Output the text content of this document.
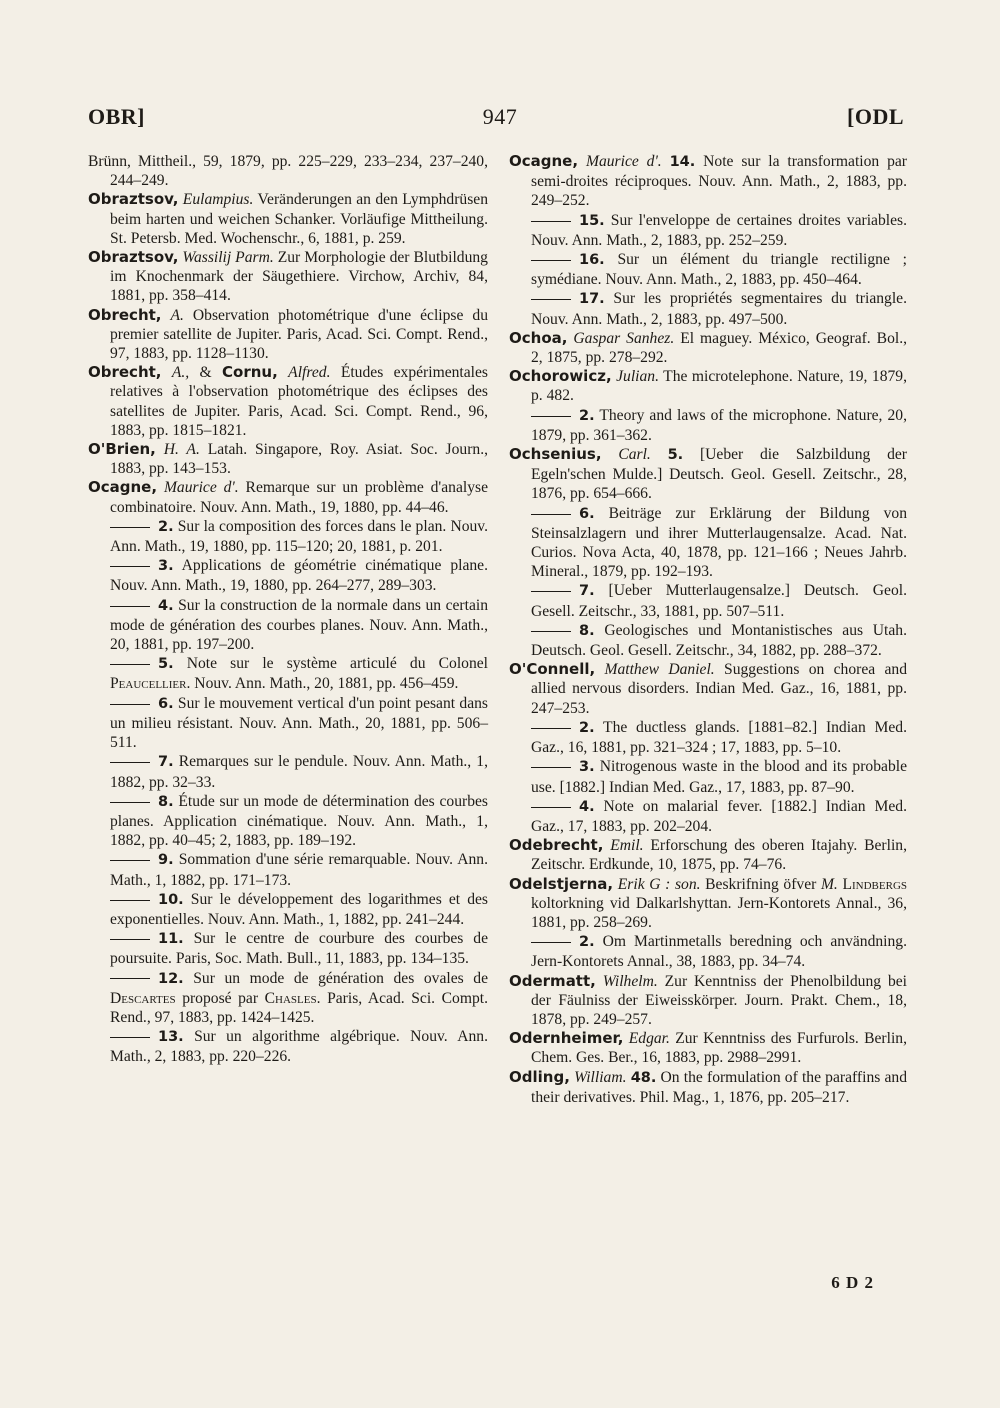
OBR]	947	[ODL
Brünn, Mittheil., 59, 1879, pp. 225–229, 233–234, 237–240, 244–249.
Obraztsov, Eulampius. Veränderungen an den Lymphdrüsen beim harten und weichen Schanker. Vorläufige Mittheilung. St. Petersb. Med. Wochenschr., 6, 1881, p. 259.
Obraztsov, Wassilij Parm. Zur Morphologie der Blutbildung im Knochenmark der Säugethiere. Virchow, Archiv, 84, 1881, pp. 358–414.
Obrecht, A. Observation photométrique d'une éclipse du premier satellite de Jupiter. Paris, Acad. Sci. Compt. Rend., 97, 1883, pp. 1128–1130.
Obrecht, A., & Cornu, Alfred. Études expérimentales relatives à l'observation photométrique des éclipses des satellites de Jupiter. Paris, Acad. Sci. Compt. Rend., 96, 1883, pp. 1815–1821.
O'Brien, H. A. Latah. Singapore, Roy. Asiat. Soc. Journ., 1883, pp. 143–153.
Ocagne, Maurice d'. Remarque sur un problème d'analyse combinatoire. Nouv. Ann. Math., 19, 1880, pp. 44–46.
2. Sur la composition des forces dans le plan. Nouv. Ann. Math., 19, 1880, pp. 115–120; 20, 1881, p. 201.
3. Applications de géométrie cinématique plane. Nouv. Ann. Math., 19, 1880, pp. 264–277, 289–303.
4. Sur la construction de la normale dans un certain mode de génération des courbes planes. Nouv. Ann. Math., 20, 1881, pp. 197–200.
5. Note sur le système articulé du Colonel Peaucellier. Nouv. Ann. Math., 20, 1881, pp. 456–459.
6. Sur le mouvement vertical d'un point pesant dans un milieu résistant. Nouv. Ann. Math., 20, 1881, pp. 506–511.
7. Remarques sur le pendule. Nouv. Ann. Math., 1, 1882, pp. 32–33.
8. Étude sur un mode de détermination des courbes planes. Application cinématique. Nouv. Ann. Math., 1, 1882, pp. 40–45; 2, 1883, pp. 189–192.
9. Sommation d'une série remarquable. Nouv. Ann. Math., 1, 1882, pp. 171–173.
10. Sur le développement des logarithmes et des exponentielles. Nouv. Ann. Math., 1, 1882, pp. 241–244.
11. Sur le centre de courbure des courbes de poursuite. Paris, Soc. Math. Bull., 11, 1883, pp. 134–135.
12. Sur un mode de génération des ovales de Descartes proposé par Chasles. Paris, Acad. Sci. Compt. Rend., 97, 1883, pp. 1424–1425.
13. Sur un algorithme algébrique. Nouv. Ann. Math., 2, 1883, pp. 220–226.
Ocagne, Maurice d'. 14. Note sur la transformation par semi-droites réciproques. Nouv. Ann. Math., 2, 1883, pp. 249–252.
15. Sur l'enveloppe de certaines droites variables. Nouv. Ann. Math., 2, 1883, pp. 252–259.
16. Sur un élément du triangle rectiligne ; symédiane. Nouv. Ann. Math., 2, 1883, pp. 450–464.
17. Sur les propriétés segmentaires du triangle. Nouv. Ann. Math., 2, 1883, pp. 497–500.
Ochoa, Gaspar Sanhez. El maguey. México, Geograf. Bol., 2, 1875, pp. 278–292.
Ochorowicz, Julian. The microtelephone. Nature, 19, 1879, p. 482.
2. Theory and laws of the microphone. Nature, 20, 1879, pp. 361–362.
Ochsenius, Carl. 5. [Ueber die Salzbildung der Egeln'schen Mulde.] Deutsch. Geol. Gesell. Zeitschr., 28, 1876, pp. 654–666.
6. Beiträge zur Erklärung der Bildung von Steinsalzlagern und ihrer Mutterlaugensalze. Acad. Nat. Curios. Nova Acta, 40, 1878, pp. 121–166 ; Neues Jahrb. Mineral., 1879, pp. 192–193.
7. [Ueber Mutterlaugensalze.] Deutsch. Geol. Gesell. Zeitschr., 33, 1881, pp. 507–511.
8. Geologisches und Montanistisches aus Utah. Deutsch. Geol. Gesell. Zeitschr., 34, 1882, pp. 288–372.
O'Connell, Matthew Daniel. Suggestions on chorea and allied nervous disorders. Indian Med. Gaz., 16, 1881, pp. 247–253.
2. The ductless glands. [1881–82.] Indian Med. Gaz., 16, 1881, pp. 321–324 ; 17, 1883, pp. 5–10.
3. Nitrogenous waste in the blood and its probable use. [1882.] Indian Med. Gaz., 17, 1883, pp. 87–90.
4. Note on malarial fever. [1882.] Indian Med. Gaz., 17, 1883, pp. 202–204.
Odebrecht, Emil. Erforschung des oberen Itajahy. Berlin, Zeitschr. Erdkunde, 10, 1875, pp. 74–76.
Odelstjerna, Erik G : son. Beskrifning öfver M. Lindbergs koltorkning vid Dalkarlshyttan. Jern-Kontorets Annal., 36, 1881, pp. 258–269.
2. Om Martinmetalls beredning och användning. Jern-Kontorets Annal., 38, 1883, pp. 34–74.
Odermatt, Wilhelm. Zur Kenntniss der Phenolbildung bei der Fäulniss der Eiweisskörper. Journ. Prakt. Chem., 18, 1878, pp. 249–257.
Odernheimer, Edgar. Zur Kenntniss des Furfurols. Berlin, Chem. Ges. Ber., 16, 1883, pp. 2988–2991.
Odling, William. 48. On the formulation of the paraffins and their derivatives. Phil. Mag., 1, 1876, pp. 205–217.
6 D 2
